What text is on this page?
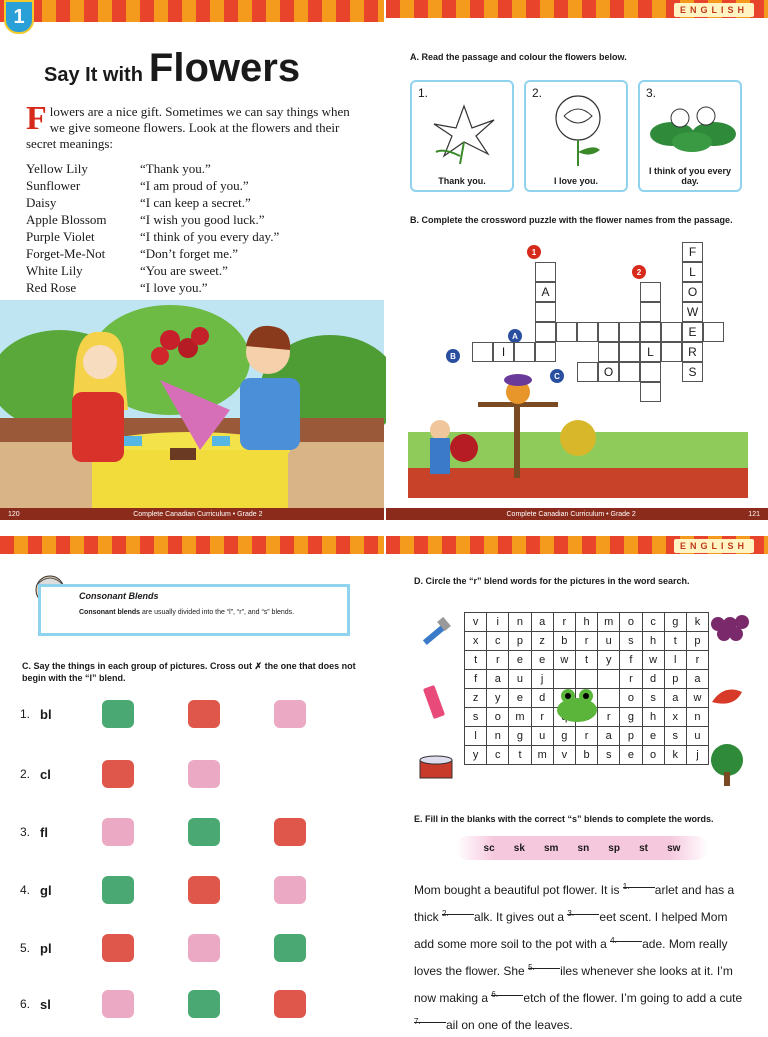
1
Say It with Flowers
F lowers are a nice gift. Sometimes we can say things when we give someone flowers. Look at the flowers and their secret meanings:
Yellow Lily	“Thank you.”
Sunflower	“I am proud of you.”
Daisy	“I can keep a secret.”
Apple Blossom	“I wish you good luck.”
Purple Violet	“I think of you every day.”
Forget-Me-Not	“Don’t forget me.”
White Lily	“You are sweet.”
Red Rose	“I love you.”
120	Complete Canadian Curriculum • Grade 2
ENGLISH
A. Read the passage and colour the flowers below.
1.
Thank you.
2.
I love you.
3.
I think of you every day.
B. Complete the crossword puzzle with the flower names from the passage.
1
2
A
B
C
A
L
F
L
O
W
E
R
S
I
O
Complete Canadian Curriculum • Grade 2	121
Consonant Blends
Consonant blends are usually divided into the “l”, “r”, and “s” blends.
C. Say the things in each group of pictures. Cross out ✗ the one that does not begin with the “l” blend.
1. bl
2. cl
3. fl
4. gl
5. pl
6. sl
ENGLISH
D. Circle the “r” blend words for the pictures in the word search.
v	i	n	a	r	h	m	o	c	g	k
x	c	p	z	b	r	u	s	h	t	p
t	r	e	e	w	t	y	f	w	l	r
f	a	u	j				r	d	p	a
z	y	e	d				o	s	a	w
s	o	m	r			r	g	h	x	n
l	n	g	u	g	r	a	p	e	s	u
y	c	t	m	v	b	s	e	o	k	j
E. Fill in the blanks with the correct “s” blends to complete the words.
sc sk sm sn sp st sw
Mom bought a beautiful pot flower. It is $^{1.}$ arlet and has a thick $^{2.}$ alk. It gives out a $^{3.}$ eet scent. I helped Mom add some more soil to the pot with a $^{4.}$ ade. Mom really loves the flower. She $^{5.}$ iles whenever she looks at it. I’m now making a $^{6.}$ etch of the flower. I’m going to add a cute $^{7.}$ ail on one of the leaves.
